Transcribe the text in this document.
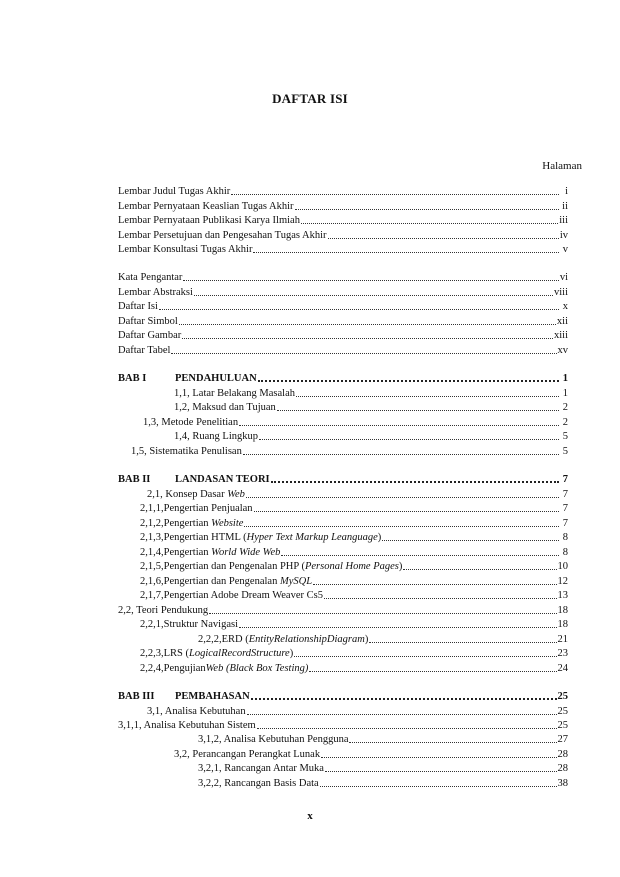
DAFTAR ISI
Halaman
Lembar Judul Tugas Akhir	i
Lembar Pernyataan Keaslian Tugas Akhir	ii
Lembar Pernyataan Publikasi Karya Ilmiah	iii
Lembar Persetujuan dan Pengesahan Tugas Akhir	iv
Lembar Konsultasi Tugas Akhir	v
Kata Pengantar	vi
Lembar Abstraksi	viii
Daftar Isi	x
Daftar Simbol	xii
Daftar Gambar	xiii
Daftar Tabel	xv
BAB I	PENDAHULUAN	1
1,1, Latar Belakang Masalah	1
1,2, Maksud dan Tujuan	2
1,3, Metode Penelitian	2
1,4, Ruang Lingkup	5
1,5, Sistematika Penulisan	5
BAB II LANDASAN TEORI	7
2,1, Konsep Dasar Web	7
2,1,1,Pengertian Penjualan	7
2,1,2,Pengertian Website	7
2,1,3,Pengertian HTML (Hyper Text Markup Leanguage)	8
2,1,4,Pengertian World Wide Web	8
2,1,5,Pengertian dan Pengenalan PHP (Personal Home Pages)	10
2,1,6,Pengertian dan Pengenalan MySQL	12
2,1,7,Pengertian Adobe Dream Weaver Cs5	13
2,2, Teori Pendukung	18
2,2,1,Struktur Navigasi	18
2,2,2,ERD (EntityRelationshipDiagram)	21
2,2,3,LRS (LogicalRecordStructure)	23
2,2,4,PengujianWeb (Black Box Testing)	24
BAB III PEMBAHASAN	25
3,1, Analisa Kebutuhan	25
3,1,1, Analisa Kebutuhan Sistem	25
3,1,2, Analisa Kebutuhan Pengguna	27
3,2, Perancangan Perangkat Lunak	28
3,2,1, Rancangan Antar Muka	28
3,2,2, Rancangan Basis Data	38
x
